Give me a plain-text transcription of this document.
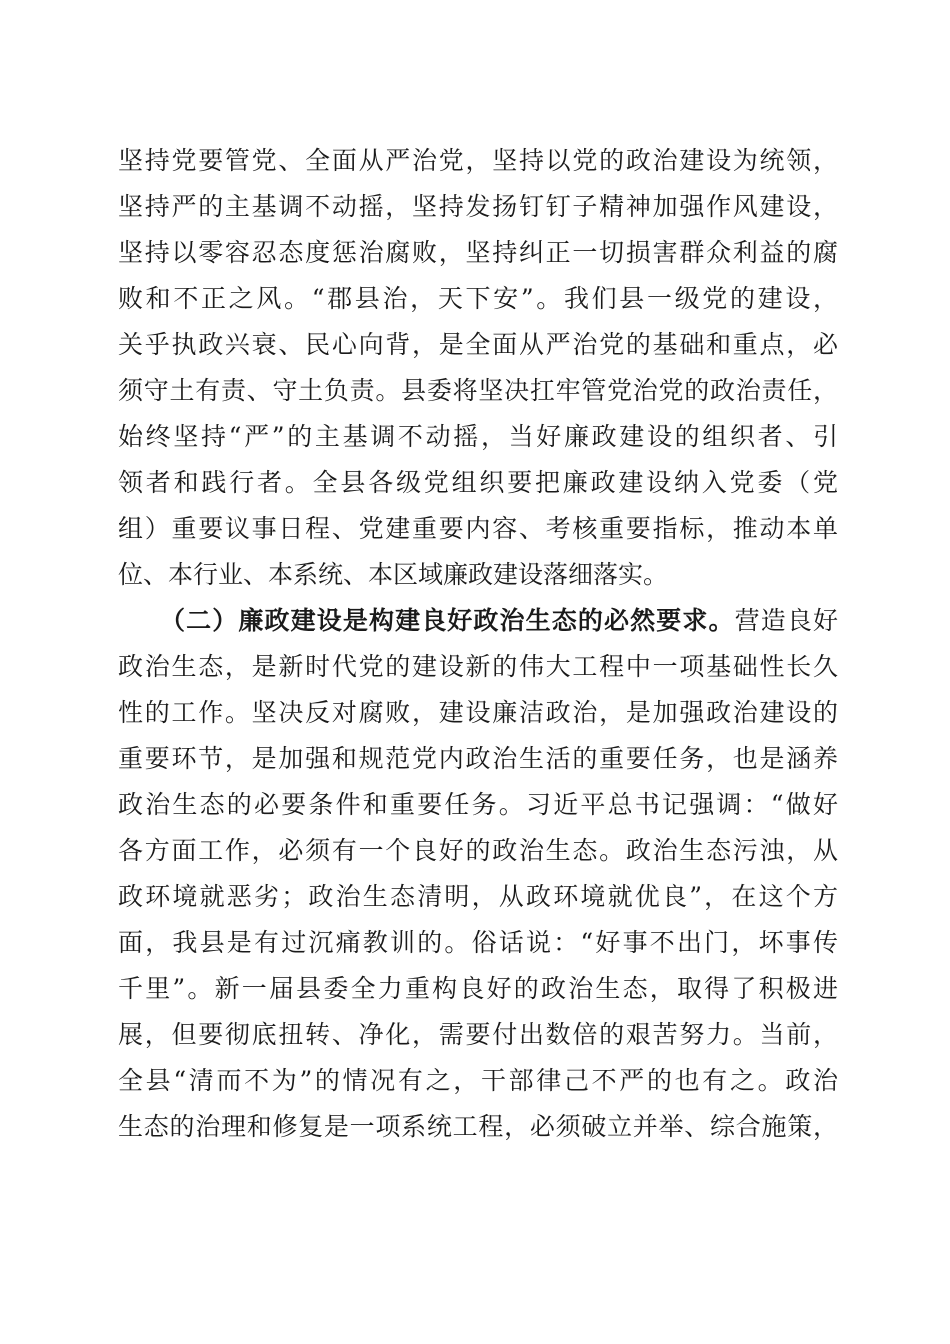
坚持党要管党、全面从严治党，坚持以党的政治建设为统领，
坚持严的主基调不动摇，坚持发扬钉钉子精神加强作风建设，
坚持以零容忍态度惩治腐败，坚持纠正一切损害群众利益的腐
败和不正之风。“郡县治，天下安”。我们县一级党的建设，
关乎执政兴衰、民心向背，是全面从严治党的基础和重点，必
须守土有责、守土负责。县委将坚决扛牢管党治党的政治责任，
始终坚持“严”的主基调不动摇，当好廉政建设的组织者、引
领者和践行者。全县各级党组织要把廉政建设纳入党委（党
组）重要议事日程、党建重要内容、考核重要指标，推动本单
位、本行业、本系统、本区域廉政建设落细落实。
（二）廉政建设是构建良好政治生态的必然要求。营造良好
政治生态，是新时代党的建设新的伟大工程中一项基础性长久
性的工作。坚决反对腐败，建设廉洁政治，是加强政治建设的
重要环节，是加强和规范党内政治生活的重要任务，也是涵养
政治生态的必要条件和重要任务。习近平总书记强调：“做好
各方面工作，必须有一个良好的政治生态。政治生态污浊，从
政环境就恶劣；政治生态清明，从政环境就优良”，在这个方
面，我县是有过沉痛教训的。俗话说：“好事不出门，坏事传
千里”。新一届县委全力重构良好的政治生态，取得了积极进
展，但要彻底扭转、净化，需要付出数倍的艰苦努力。当前，
全县“清而不为”的情况有之，干部律己不严的也有之。政治
生态的治理和修复是一项系统工程，必须破立并举、综合施策，
